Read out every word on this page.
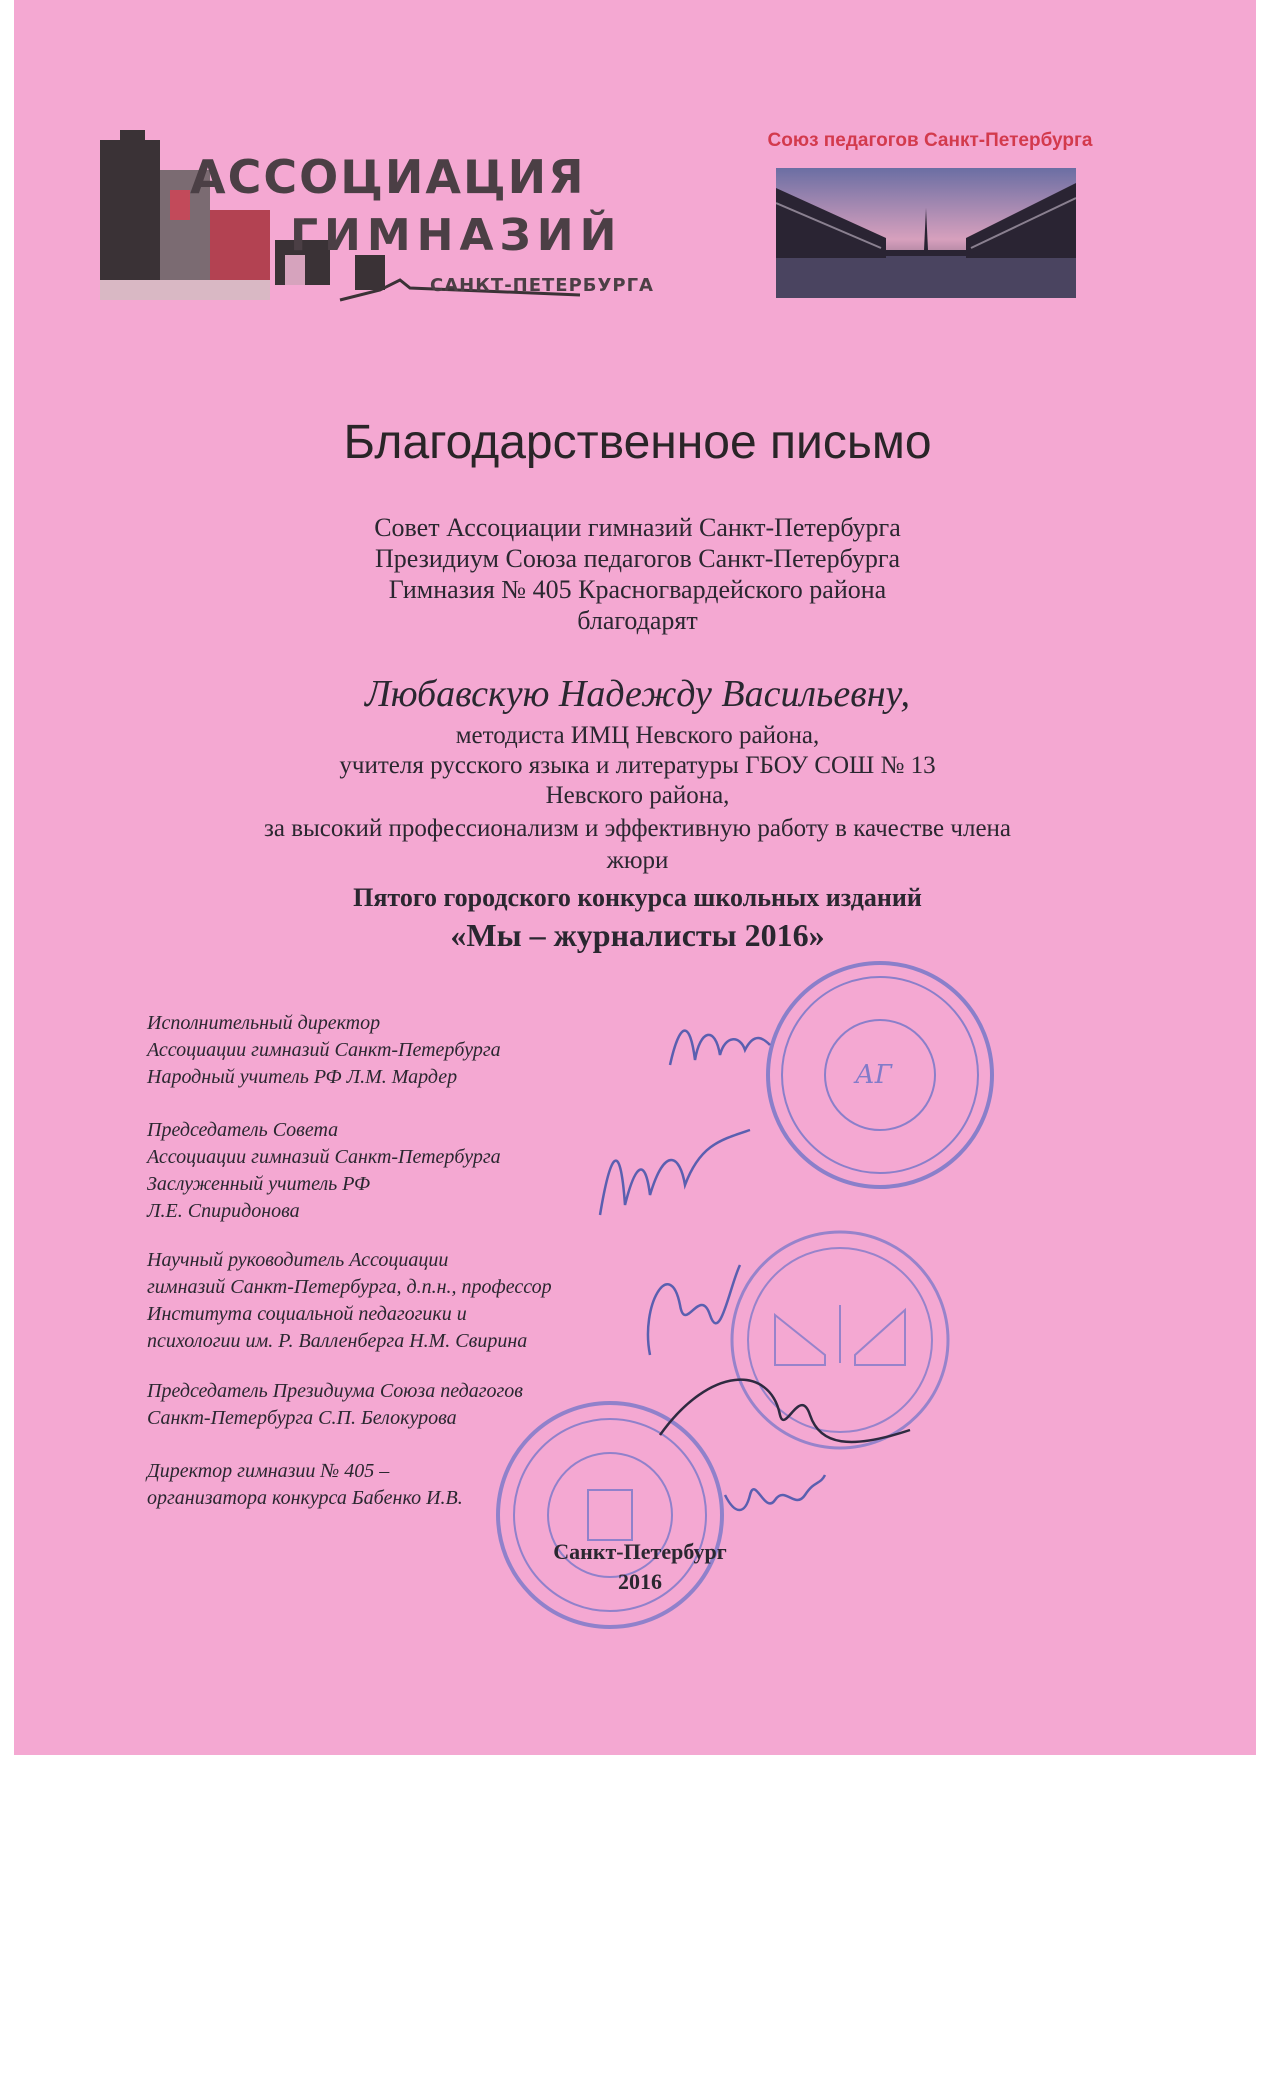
АССОЦИАЦИЯ
ГИМНАЗИЙ
САНКТ-ПЕТЕРБУРГА
Союз педагогов Санкт-Петербурга
Благодарственное письмо
Совет Ассоциации гимназий Санкт-Петербурга
Президиум Союза педагогов Санкт-Петербурга
Гимназия № 405 Красногвардейского района
благодарят
Любавскую Надежду Васильевну,
методиста ИМЦ Невского района,
учителя русского языка и литературы ГБОУ СОШ № 13
Невского района,
за высокий профессионализм и эффективную работу в качестве члена
жюри
Пятого городского конкурса школьных изданий
«Мы – журналисты 2016»
Исполнительный директор
Ассоциации гимназий Санкт-Петербурга
Народный учитель РФ Л.М. Мардер
Председатель Совета
Ассоциации гимназий Санкт-Петербурга
Заслуженный учитель РФ
Л.Е. Спиридонова
Научный руководитель Ассоциации
гимназий Санкт-Петербурга, д.п.н., профессор
Института социальной педагогики и
психологии им. Р. Валленберга Н.М. Свирина
Председатель Президиума Союза педагогов
Санкт-Петербурга С.П. Белокурова
Директор гимназии № 405 –
организатора конкурса Бабенко И.В.
АГ
Санкт-Петербург
2016
